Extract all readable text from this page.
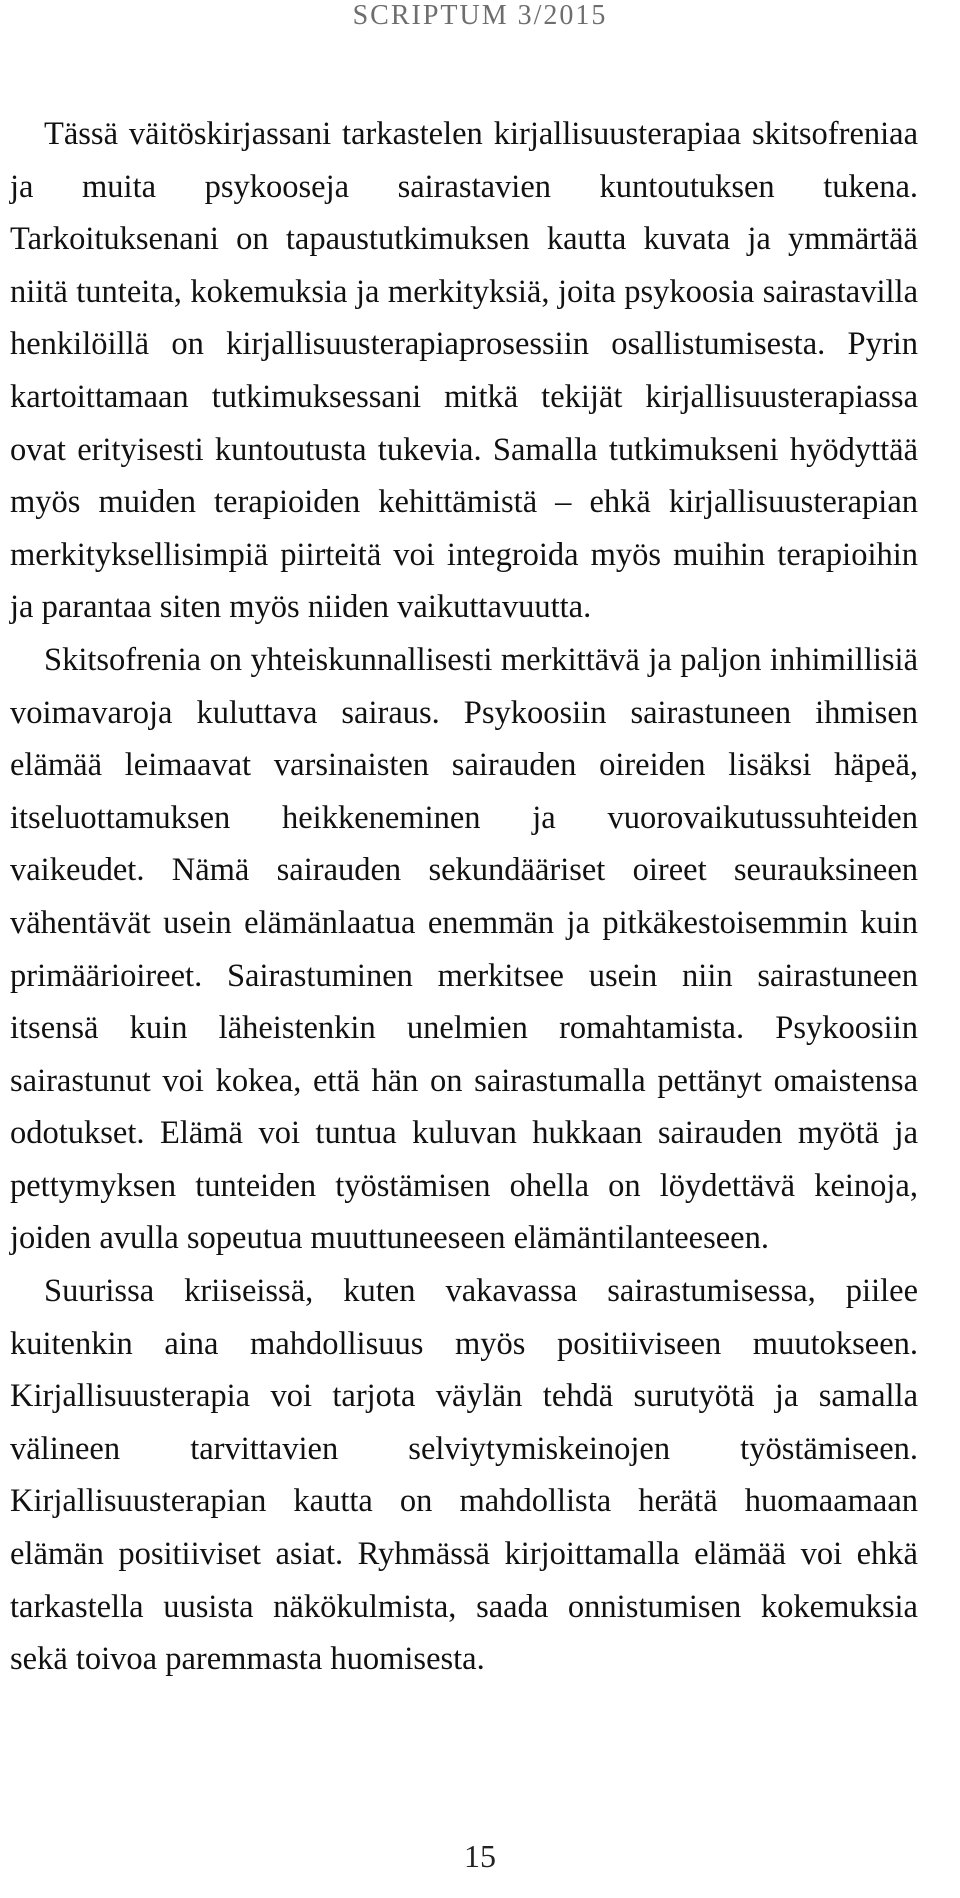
SCRIPTUM 3/2015

Tässä väitöskirjassani tarkastelen kirjallisuusterapiaa skitsofreniaa ja muita psykooseja sairastavien kuntoutuksen tukena. Tarkoituksenani on tapaustutkimuksen kautta kuvata ja ymmärtää niitä tunteita, kokemuksia ja merkityksiä, joita psykoosia sairastavilla henkilöillä on kirjallisuusterapiaprosessiin osallistumisesta. Pyrin kartoittamaan tutkimuksessani mitkä tekijät kirjallisuusterapiassa ovat erityisesti kuntoutusta tukevia. Samalla tutkimukseni hyödyttää myös muiden terapioiden kehittämistä – ehkä kirjallisuusterapian merkityksellisimpiä piirteitä voi integroida myös muihin terapioihin ja parantaa siten myös niiden vaikuttavuutta.

Skitsofrenia on yhteiskunnallisesti merkittävä ja paljon inhimillisiä voimavaroja kuluttava sairaus. Psykoosiin sairastuneen ihmisen elämää leimaavat varsinaisten sairauden oireiden lisäksi häpeä, itseluottamuksen heikkeneminen ja vuorovaikutussuhteiden vaikeudet. Nämä sairauden sekundääriset oireet seurauksineen vähentävät usein elämänlaatua enemmän ja pitkäkestoisemmin kuin primäärioireet. Sairastuminen merkitsee usein niin sairastuneen itsensä kuin läheistenkin unelmien romahtamista. Psykoosiin sairastunut voi kokea, että hän on sairastumalla pettänyt omaistensa odotukset. Elämä voi tuntua kuluvan hukkaan sairauden myötä ja pettymyksen tunteiden työstämisen ohella on löydettävä keinoja, joiden avulla sopeutua muuttuneeseen elämäntilanteeseen.

Suurissa kriiseissä, kuten vakavassa sairastumisessa, piilee kuitenkin aina mahdollisuus myös positiiviseen muutokseen. Kirjallisuusterapia voi tarjota väylän tehdä surutyötä ja samalla välineen tarvittavien selviytymiskeinojen työstämiseen. Kirjallisuusterapian kautta on mahdollista herätä huomaamaan elämän positiiviset asiat. Ryhmässä kirjoittamalla elämää voi ehkä tarkastella uusista näkökulmista, saada onnistumisen kokemuksia sekä toivoa paremmasta huomisesta.

15
